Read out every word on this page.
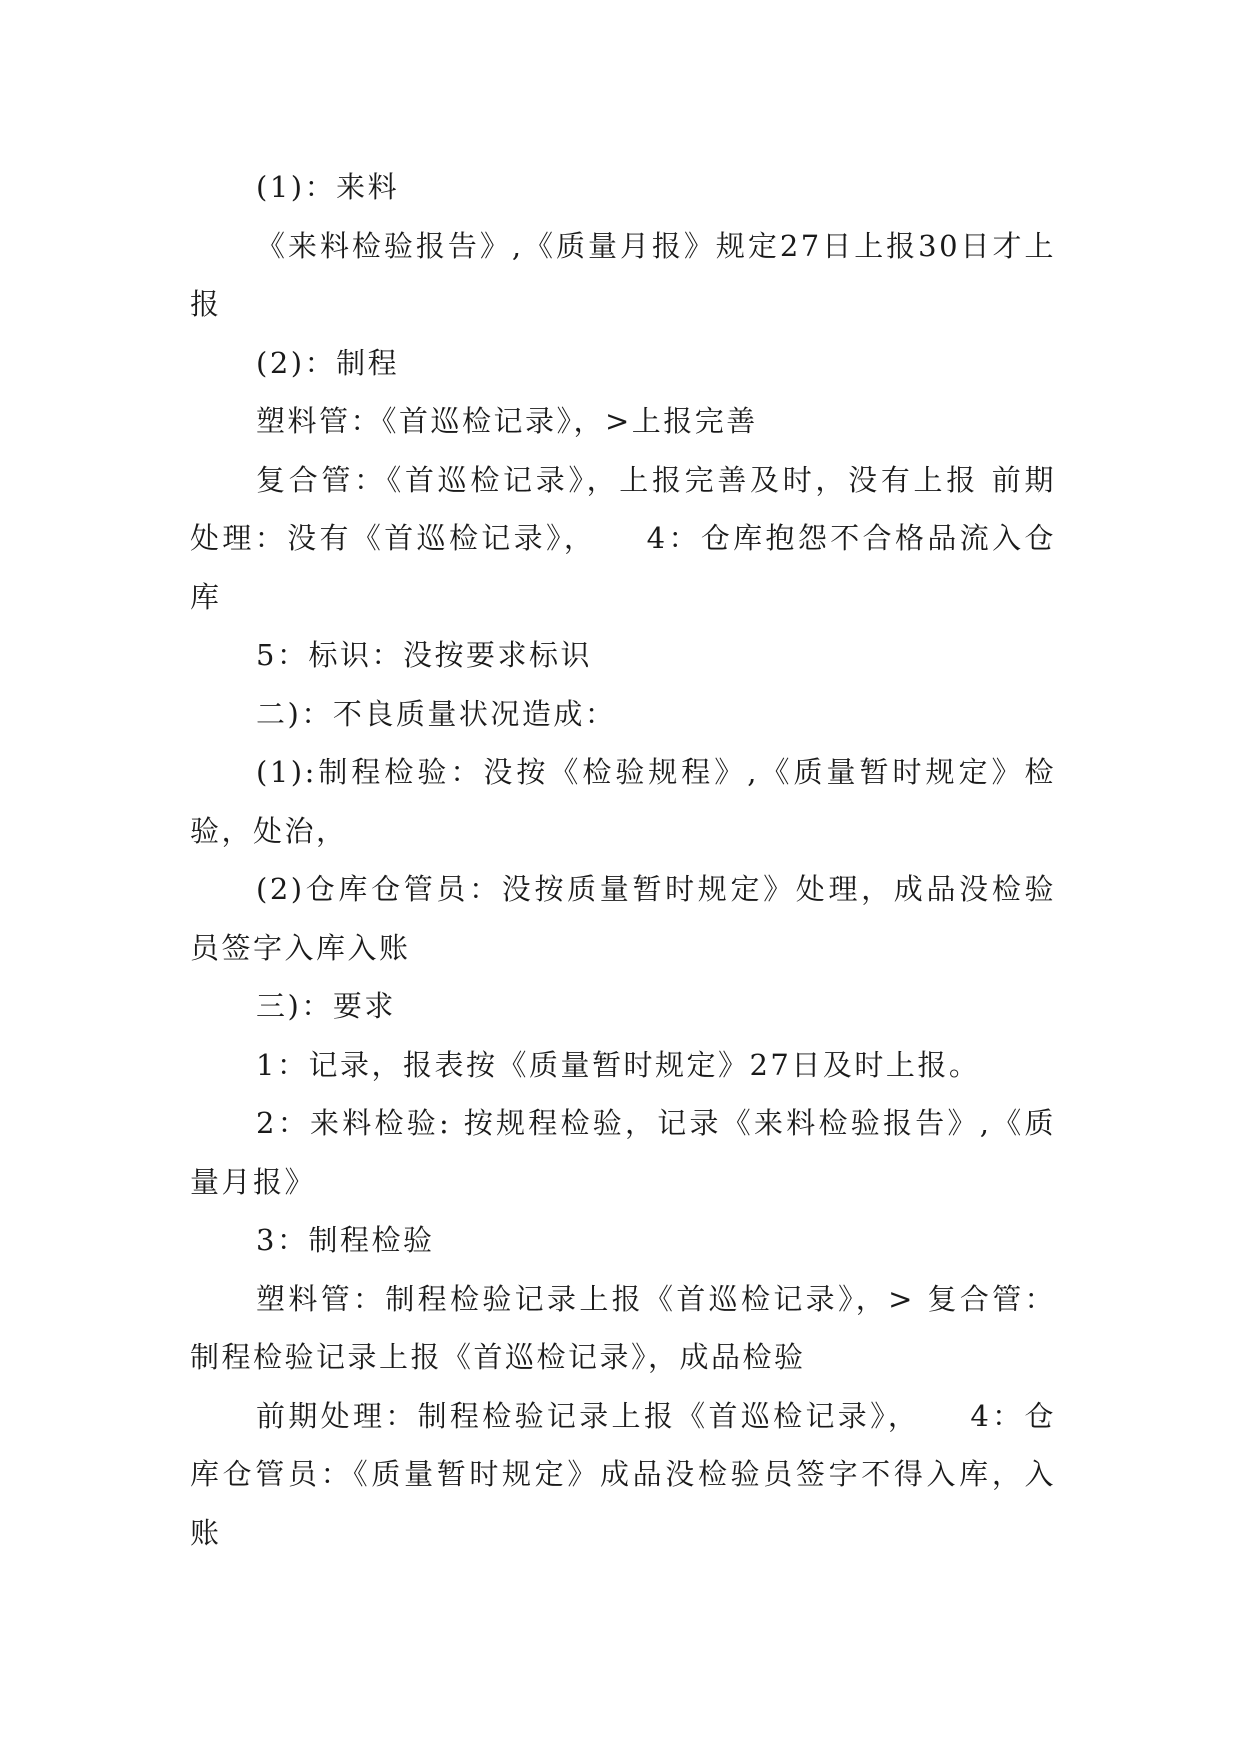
(1)：来料

《来料检验报告》,《质量月报》规定27日上报30日才上报

(2)：制程

塑料管：《首巡检记录》，>上报完善

复合管：《首巡检记录》，上报完善及时，没有上报 前期处理：没有《首巡检记录》，    4：仓库抱怨不合格品流入仓库

5：标识：没按要求标识

二)：不良质量状况造成：

(1):制程检验：没按《检验规程》,《质量暂时规定》检验，处治，

(2)仓库仓管员：没按质量暂时规定》处理，成品没检验员签字入库入账

三)：要求

1：记录，报表按《质量暂时规定》27日及时上报。

2：来料检验: 按规程检验，记录《来料检验报告》,《质量月报》

3：制程检验

塑料管：制程检验记录上报《首巡检记录》，> 复合管：制程检验记录上报《首巡检记录》，成品检验

前期处理：制程检验记录上报《首巡检记录》，    4：仓库仓管员：《质量暂时规定》成品没检验员签字不得入库，入账
